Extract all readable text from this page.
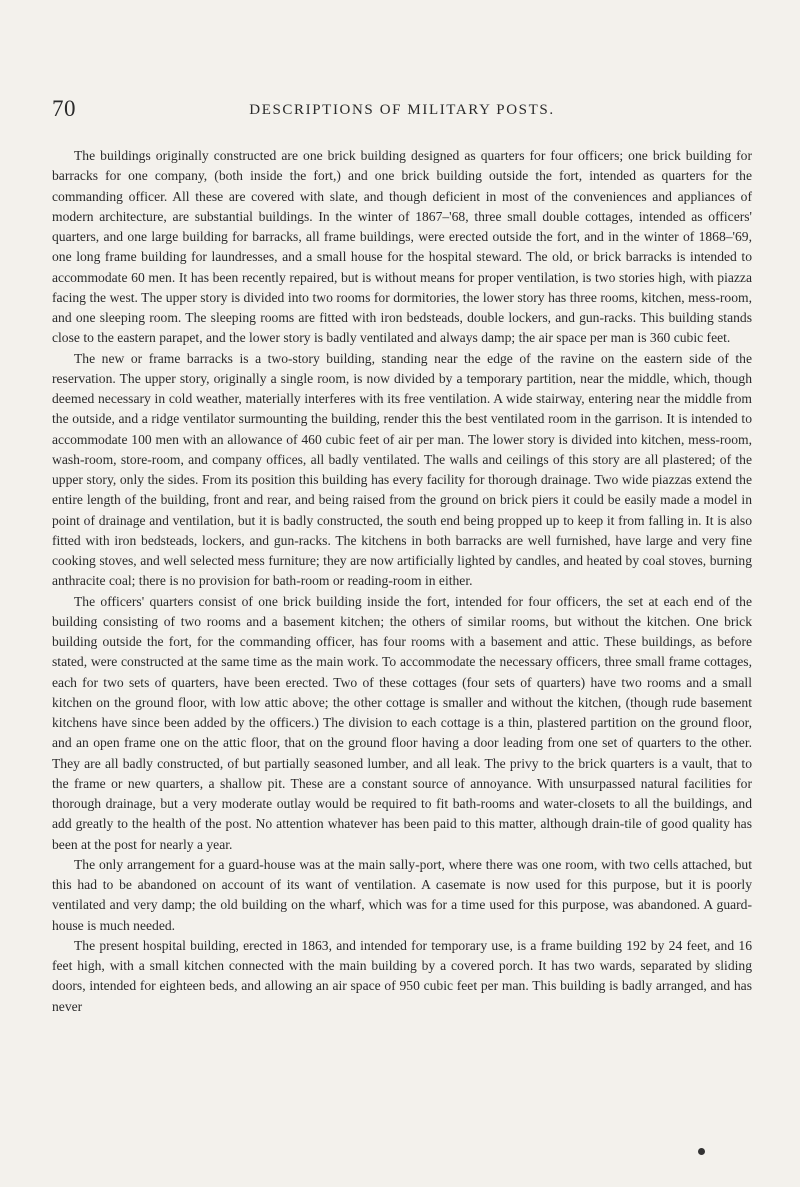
70	DESCRIPTIONS OF MILITARY POSTS.

The buildings originally constructed are one brick building designed as quarters for four officers; one brick building for barracks for one company, (both inside the fort,) and one brick building outside the fort, intended as quarters for the commanding officer. All these are covered with slate, and though deficient in most of the conveniences and appliances of modern architecture, are substantial buildings. In the winter of 1867–'68, three small double cottages, intended as officers' quarters, and one large building for barracks, all frame buildings, were erected outside the fort, and in the winter of 1868–'69, one long frame building for laundresses, and a small house for the hospital steward. The old, or brick barracks is intended to accommodate 60 men. It has been recently repaired, but is without means for proper ventilation, is two stories high, with piazza facing the west. The upper story is divided into two rooms for dormitories, the lower story has three rooms, kitchen, mess-room, and one sleeping room. The sleeping rooms are fitted with iron bedsteads, double lockers, and gun-racks. This building stands close to the eastern parapet, and the lower story is badly ventilated and always damp; the air space per man is 360 cubic feet.

The new or frame barracks is a two-story building, standing near the edge of the ravine on the eastern side of the reservation. The upper story, originally a single room, is now divided by a temporary partition, near the middle, which, though deemed necessary in cold weather, materially interferes with its free ventilation. A wide stairway, entering near the middle from the outside, and a ridge ventilator surmounting the building, render this the best ventilated room in the garrison. It is intended to accommodate 100 men with an allowance of 460 cubic feet of air per man. The lower story is divided into kitchen, mess-room, wash-room, store-room, and company offices, all badly ventilated. The walls and ceilings of this story are all plastered; of the upper story, only the sides. From its position this building has every facility for thorough drainage. Two wide piazzas extend the entire length of the building, front and rear, and being raised from the ground on brick piers it could be easily made a model in point of drainage and ventilation, but it is badly constructed, the south end being propped up to keep it from falling in. It is also fitted with iron bedsteads, lockers, and gun-racks. The kitchens in both barracks are well furnished, have large and very fine cooking stoves, and well selected mess furniture; they are now artificially lighted by candles, and heated by coal stoves, burning anthracite coal; there is no provision for bath-room or reading-room in either.

The officers' quarters consist of one brick building inside the fort, intended for four officers, the set at each end of the building consisting of two rooms and a basement kitchen; the others of similar rooms, but without the kitchen. One brick building outside the fort, for the commanding officer, has four rooms with a basement and attic. These buildings, as before stated, were constructed at the same time as the main work. To accommodate the necessary officers, three small frame cottages, each for two sets of quarters, have been erected. Two of these cottages (four sets of quarters) have two rooms and a small kitchen on the ground floor, with low attic above; the other cottage is smaller and without the kitchen, (though rude basement kitchens have since been added by the officers.) The division to each cottage is a thin, plastered partition on the ground floor, and an open frame one on the attic floor, that on the ground floor having a door leading from one set of quarters to the other. They are all badly constructed, of but partially seasoned lumber, and all leak. The privy to the brick quarters is a vault, that to the frame or new quarters, a shallow pit. These are a constant source of annoyance. With unsurpassed natural facilities for thorough drainage, but a very moderate outlay would be required to fit bath-rooms and water-closets to all the buildings, and add greatly to the health of the post. No attention whatever has been paid to this matter, although drain-tile of good quality has been at the post for nearly a year.

The only arrangement for a guard-house was at the main sally-port, where there was one room, with two cells attached, but this had to be abandoned on account of its want of ventilation. A casemate is now used for this purpose, but it is poorly ventilated and very damp; the old building on the wharf, which was for a time used for this purpose, was abandoned. A guard-house is much needed.

The present hospital building, erected in 1863, and intended for temporary use, is a frame building 192 by 24 feet, and 16 feet high, with a small kitchen connected with the main building by a covered porch. It has two wards, separated by sliding doors, intended for eighteen beds, and allowing an air space of 950 cubic feet per man. This building is badly arranged, and has never
